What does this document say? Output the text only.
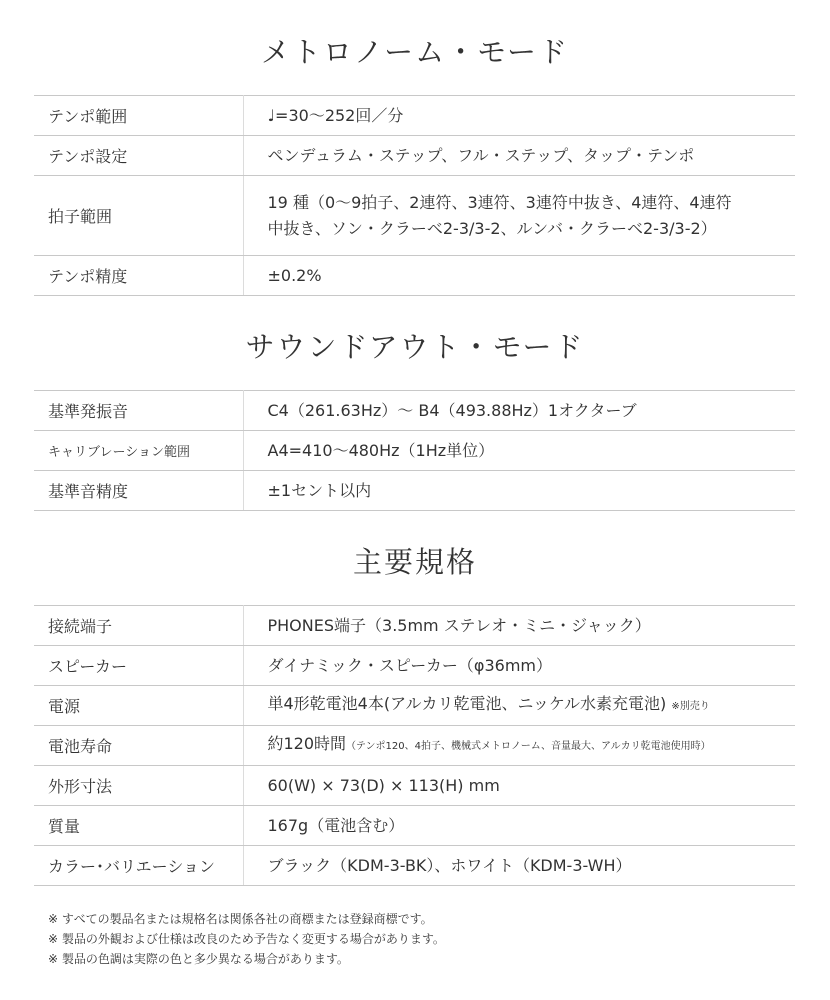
メトロノーム・モード
テンポ範囲	♩=30〜252回／分
テンポ設定	ペンデュラム・ステップ、フル・ステップ、タップ・テンポ
拍子範囲	19 種（0〜9拍子、2連符、3連符、3連符中抜き、4連符、4連符
中抜き、ソン・クラーベ2-3/3-2、ルンバ・クラーベ2-3/3-2）

テンポ精度	±0.2%
サウンドアウト・モード
基準発振音	C4（261.63Hz）〜 B4（493.88Hz）1オクターブ
キャリブレーション範囲	A4=410〜480Hz（1Hz単位）
基準音精度	±1セント以内
主要規格
接続端子	PHONES端子（3.5mm ステレオ・ミニ・ジャック）
スピーカー	ダイナミック・スピーカー（φ36mm）
電源	単4形乾電池4本(アルカリ乾電池、ニッケル水素充電池) ※別売り
電池寿命	約120時間（テンポ120、4拍子、機械式メトロノーム、音量最大、アルカリ乾電池使用時）
外形寸法	60(W) × 73(D) × 113(H) mm
質量	167g（電池含む）
カラー･バリエーション	ブラック（KDM-3-BK）、ホワイト（KDM-3-WH）
※ すべての製品名または規格名は関係各社の商標または登録商標です。
※ 製品の外観および仕様は改良のため予告なく変更する場合があります。
※ 製品の色調は実際の色と多少異なる場合があります。
